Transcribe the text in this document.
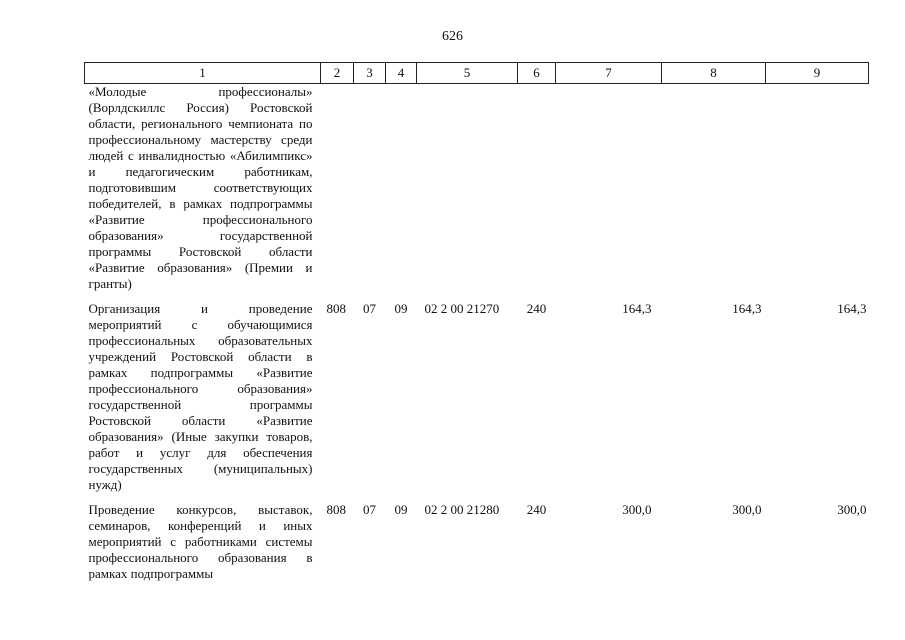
626
1	2	3	4	5	6	7	8	9
«Молодые профессионалы» (Ворлдскиллс Россия) Ростовской области, регионального чемпионата по профессиональному мастерству среди людей с инвалидностью «Абилимпикс» и педагогическим работникам, подготовившим соответствующих победителей, в рамках подпрограммы «Развитие профессионального образования» государственной программы Ростовской области «Развитие образования» (Премии и гранты)								
Организация и проведение мероприятий с обучающимися профессиональных образовательных учреждений Ростовской области в рамках подпрограммы «Развитие профессионального образования» государственной программы Ростовской области «Развитие образования» (Иные закупки товаров, работ и услуг для обеспечения государственных (муниципальных) нужд)	808	07	09	02 2 00 21270	240	164,3	164,3	164,3
Проведение конкурсов, выставок, семинаров, конференций и иных мероприятий с работниками системы профессионального образования в рамках подпрограммы	808	07	09	02 2 00 21280	240	300,0	300,0	300,0
